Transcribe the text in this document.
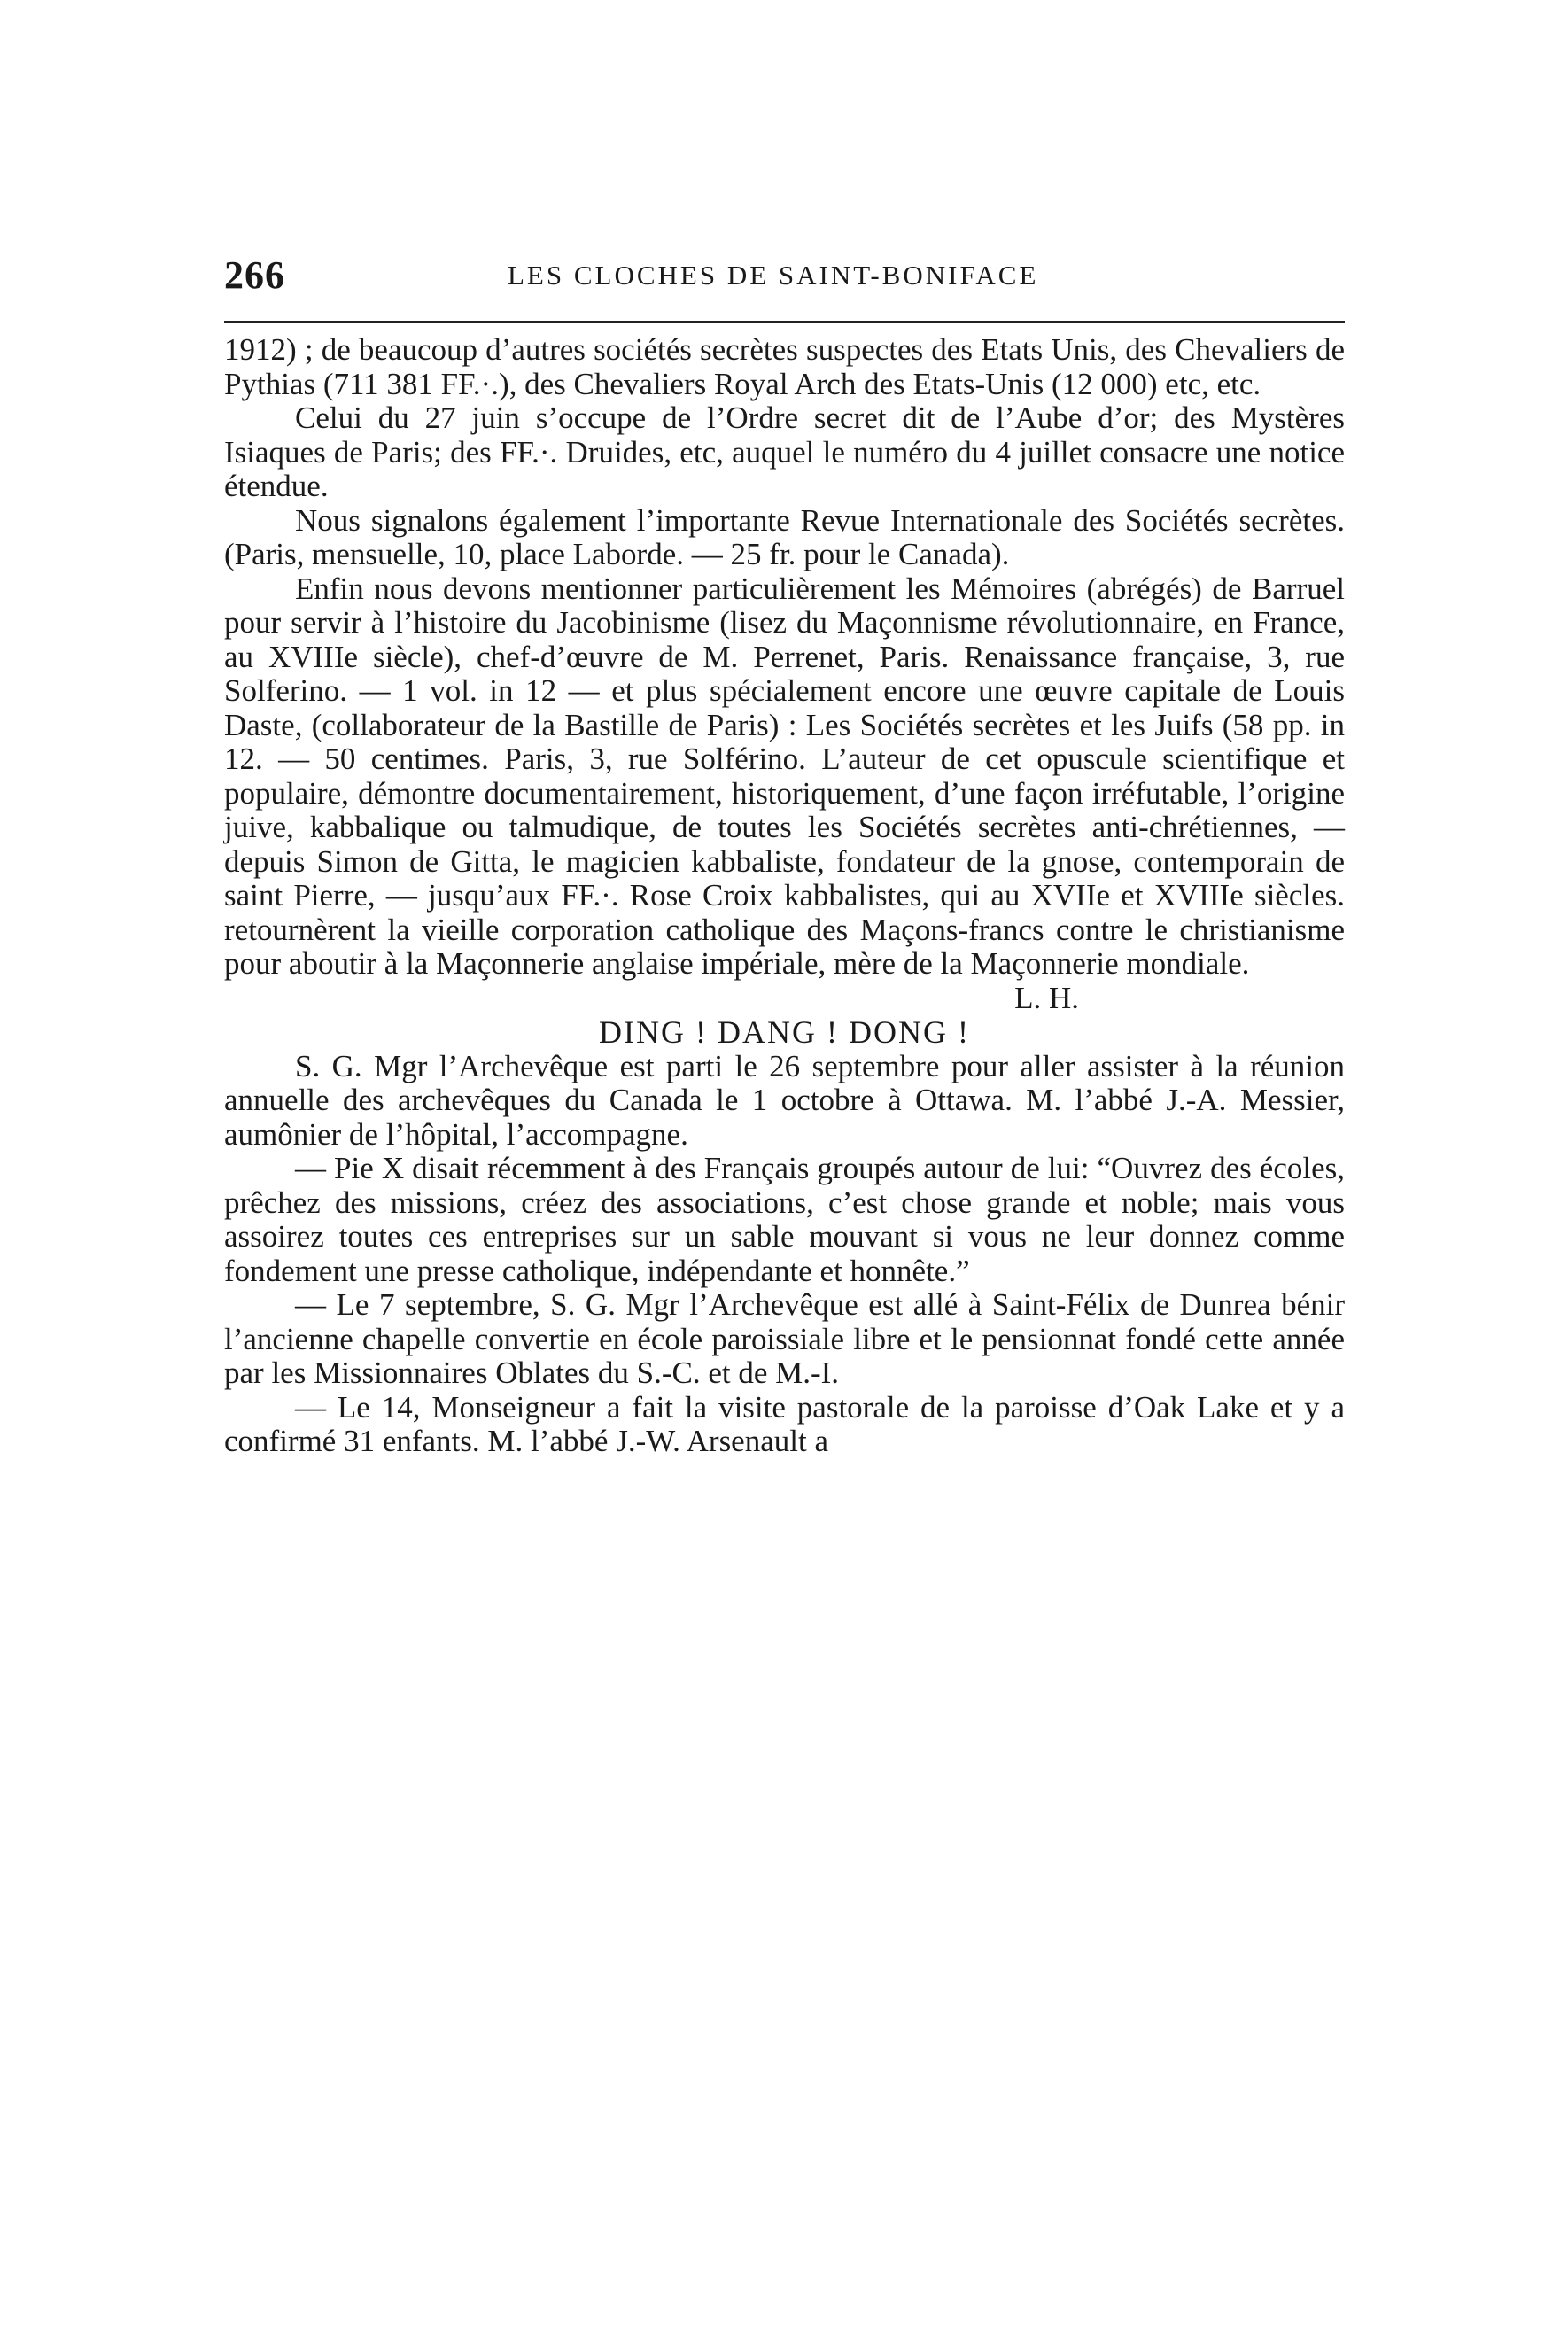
266	LES CLOCHES DE SAINT-BONIFACE

1912) ; de beaucoup d’autres sociétés secrètes suspectes des Etats Unis, des Chevaliers de Pythias (711 381 FF.·.), des Chevaliers Royal Arch des Etats-Unis (12 000) etc, etc.

Celui du 27 juin s’occupe de l’Ordre secret dit de l’Aube d’or; des Mystères Isiaques de Paris; des FF.·. Druides, etc, auquel le numéro du 4 juillet consacre une notice étendue.

Nous signalons également l’importante Revue Internationale des Sociétés secrètes. (Paris, mensuelle, 10, place Laborde. — 25 fr. pour le Canada).

Enfin nous devons mentionner particulièrement les Mémoires (abrégés) de Barruel pour servir à l’histoire du Jacobinisme (lisez du Maçonnisme révolutionnaire, en France, au XVIIIe siècle), chef-d’œuvre de M. Perrenet, Paris. Renaissance française, 3, rue Solferino. — 1 vol. in 12 — et plus spécialement encore une œuvre capitale de Louis Daste, (collaborateur de la Bastille de Paris) : Les Sociétés secrètes et les Juifs (58 pp. in 12. — 50 centimes. Paris, 3, rue Solférino. L’auteur de cet opuscule scientifique et populaire, démontre documentairement, historiquement, d’une façon irréfutable, l’origine juive, kabbalique ou talmudique, de toutes les Sociétés secrètes anti-chrétiennes, — depuis Simon de Gitta, le magicien kabbaliste, fondateur de la gnose, contemporain de saint Pierre, — jusqu’aux FF.·. Rose Croix kabbalistes, qui au XVIIe et XVIIIe siècles. retournèrent la vieille corporation catholique des Maçons-francs contre le christianisme pour aboutir à la Maçonnerie anglaise impériale, mère de la Maçonnerie mondiale.

L. H.

DING ! DANG ! DONG !

S. G. Mgr l’Archevêque est parti le 26 septembre pour aller assister à la réunion annuelle des archevêques du Canada le 1 octobre à Ottawa. M. l’abbé J.-A. Messier, aumônier de l’hôpital, l’accompagne.

— Pie X disait récemment à des Français groupés autour de lui: “Ouvrez des écoles, prêchez des missions, créez des associations, c’est chose grande et noble; mais vous assoirez toutes ces entreprises sur un sable mouvant si vous ne leur donnez comme fondement une presse catholique, indépendante et honnête.”

— Le 7 septembre, S. G. Mgr l’Archevêque est allé à Saint-Félix de Dunrea bénir l’ancienne chapelle convertie en école paroissiale libre et le pensionnat fondé cette année par les Missionnaires Oblates du S.-C. et de M.-I.

— Le 14, Monseigneur a fait la visite pastorale de la paroisse d’Oak Lake et y a confirmé 31 enfants. M. l’abbé J.-W. Arsenault a
